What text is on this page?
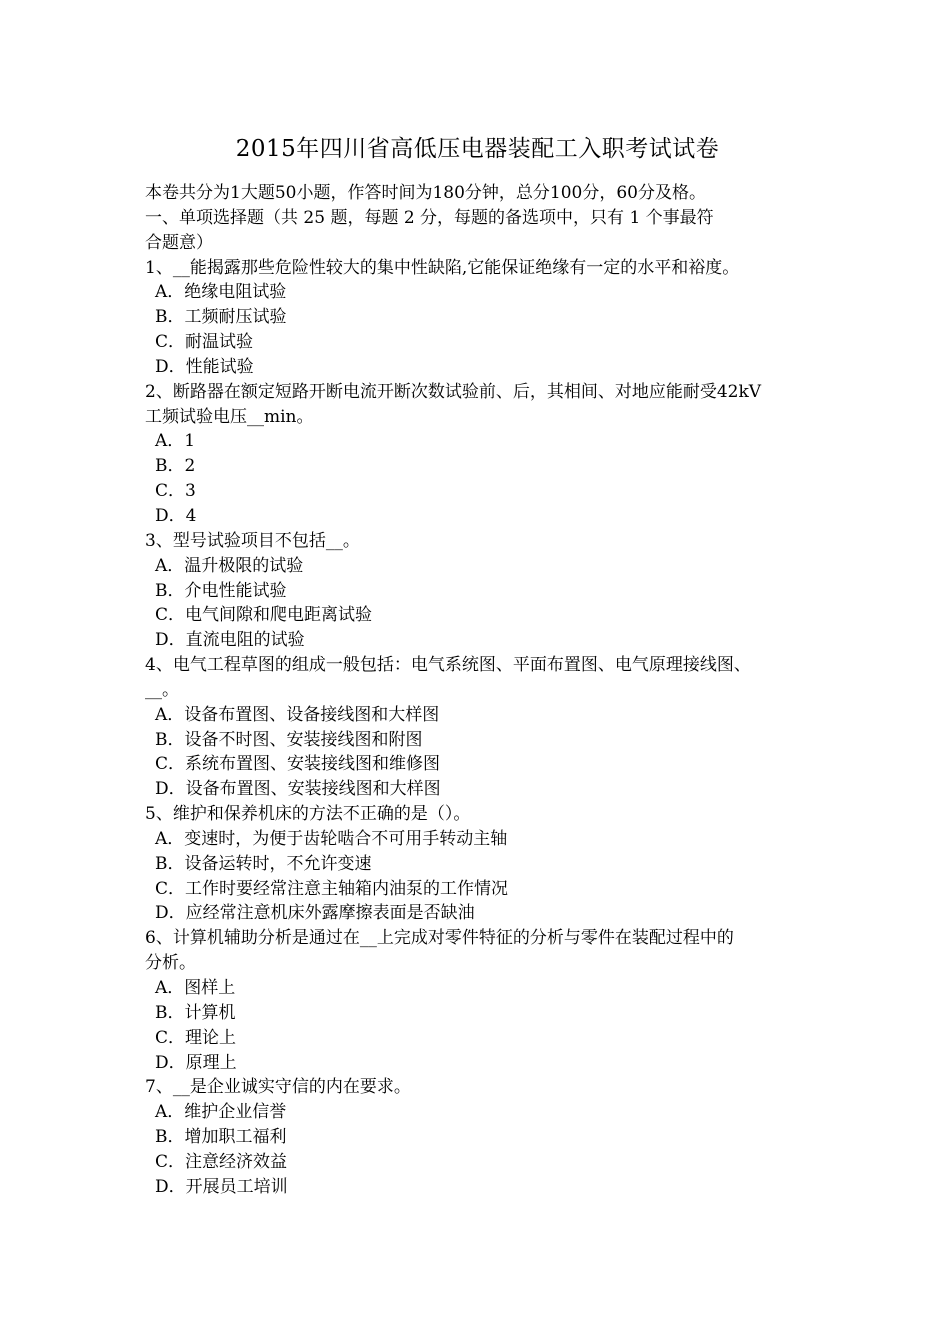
2015年四川省高低压电器装配工入职考试试卷
本卷共分为1大题50小题，作答时间为180分钟，总分100分，60分及格。
一、单项选择题（共 25 题，每题 2 分，每题的备选项中，只有 1 个事最符
合题意）
1、__能揭露那些危险性较大的集中性缺陷,它能保证绝缘有一定的水平和裕度。
A．绝缘电阻试验
B．工频耐压试验
C．耐温试验
D．性能试验
2、断路器在额定短路开断电流开断次数试验前、后，其相间、对地应能耐受42kV
工频试验电压__min。
A．1
B．2
C．3
D．4
3、型号试验项目不包括__。
A．温升极限的试验
B．介电性能试验
C．电气间隙和爬电距离试验
D．直流电阻的试验
4、电气工程草图的组成一般包括：电气系统图、平面布置图、电气原理接线图、
__。
A．设备布置图、设备接线图和大样图
B．设备不时图、安装接线图和附图
C．系统布置图、安装接线图和维修图
D．设备布置图、安装接线图和大样图
5、维护和保养机床的方法不正确的是（）。
A．变速时，为便于齿轮啮合不可用手转动主轴
B．设备运转时，不允许变速
C．工作时要经常注意主轴箱内油泵的工作情况
D．应经常注意机床外露摩擦表面是否缺油
6、计算机辅助分析是通过在__上完成对零件特征的分析与零件在装配过程中的
分析。
A．图样上
B．计算机
C．理论上
D．原理上
7、__是企业诚实守信的内在要求。
A．维护企业信誉
B．增加职工福利
C．注意经济效益
D．开展员工培训
